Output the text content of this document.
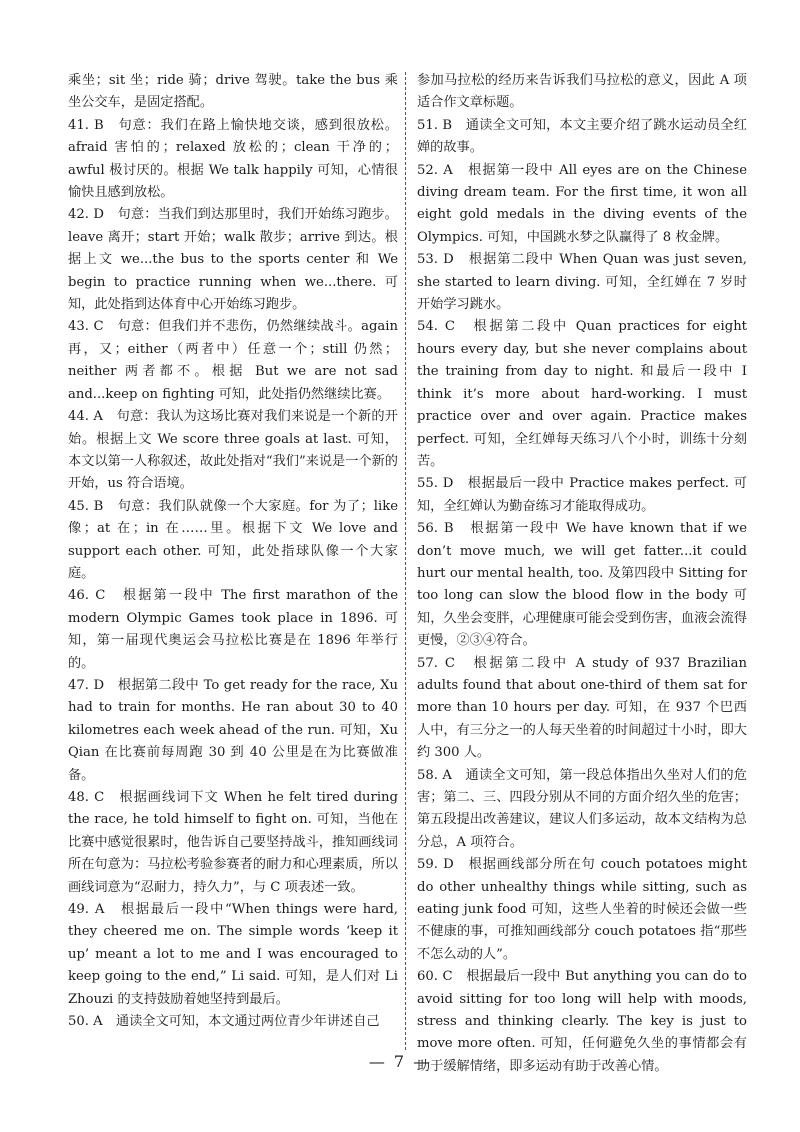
乘坐；sit 坐；ride 骑；drive 驾驶。take the bus 乘坐公交车，是固定搭配。
41. B　句意：我们在路上愉快地交谈，感到很放松。afraid 害怕的；relaxed 放松的；clean 干净的；awful 极讨厌的。根据 We talk happily 可知，心情很愉快且感到放松。
42. D　句意：当我们到达那里时，我们开始练习跑步。leave 离开；start 开始；walk 散步；arrive 到达。根据上文 we...the bus to the sports center 和 We begin to practice running when we...there. 可知，此处指到达体育中心开始练习跑步。
43. C　句意：但我们并不悲伤，仍然继续战斗。again 再，又；either（两者中）任意一个；still 仍然；neither 两者都不。根据 But we are not sad and...keep on fighting 可知，此处指仍然继续比赛。
44. A　句意：我认为这场比赛对我们来说是一个新的开始。根据上文 We score three goals at last. 可知，本文以第一人称叙述，故此处指对“我们”来说是一个新的开始，us 符合语境。
45. B　句意：我们队就像一个大家庭。for 为了；like 像；at 在；in 在……里。根据下文 We love and support each other. 可知，此处指球队像一个大家庭。
46. C　根据第一段中 The first marathon of the modern Olympic Games took place in 1896. 可知，第一届现代奥运会马拉松比赛是在 1896 年举行的。
47. D　根据第二段中 To get ready for the race, Xu had to train for months. He ran about 30 to 40 kilometres each week ahead of the run. 可知，Xu Qian 在比赛前每周跑 30 到 40 公里是在为比赛做准备。
48. C　根据画线词下文 When he felt tired during the race, he told himself to fight on. 可知，当他在比赛中感觉很累时，他告诉自己要坚持战斗，推知画线词所在句意为：马拉松考验参赛者的耐力和心理素质，所以画线词意为“忍耐力，持久力”，与 C 项表述一致。
49. A　根据最后一段中“When things were hard, they cheered me on. The simple words ‘keep it up’ meant a lot to me and I was encouraged to keep going to the end,” Li said. 可知，是人们对 Li Zhouzi 的支持鼓励着她坚持到最后。
50. A　通读全文可知，本文通过两位青少年讲述自己
参加马拉松的经历来告诉我们马拉松的意义，因此 A 项适合作文章标题。
51. B　通读全文可知，本文主要介绍了跳水运动员全红婵的故事。
52. A　根据第一段中 All eyes are on the Chinese diving dream team. For the first time, it won all eight gold medals in the diving events of the Olympics. 可知，中国跳水梦之队赢得了 8 枚金牌。
53. D　根据第二段中 When Quan was just seven, she started to learn diving. 可知，全红婵在 7 岁时开始学习跳水。
54. C　根据第二段中 Quan practices for eight hours every day, but she never complains about the training from day to night. 和最后一段中 I think it’s more about hard-working. I must practice over and over again. Practice makes perfect. 可知，全红婵每天练习八个小时，训练十分刻苦。
55. D　根据最后一段中 Practice makes perfect. 可知，全红婵认为勤奋练习才能取得成功。
56. B　根据第一段中 We have known that if we don’t move much, we will get fatter...it could hurt our mental health, too. 及第四段中 Sitting for too long can slow the blood flow in the body 可知，久坐会变胖，心理健康可能会受到伤害，血液会流得更慢，②③④符合。
57. C　根据第二段中 A study of 937 Brazilian adults found that about one-third of them sat for more than 10 hours per day. 可知，在 937 个巴西人中，有三分之一的人每天坐着的时间超过十小时，即大约 300 人。
58. A　通读全文可知，第一段总体指出久坐对人们的危害；第二、三、四段分别从不同的方面介绍久坐的危害；第五段提出改善建议，建议人们多运动，故本文结构为总分总，A 项符合。
59. D　根据画线部分所在句 couch potatoes might do other unhealthy things while sitting, such as eating junk food 可知，这些人坐着的时候还会做一些不健康的事，可推知画线部分 couch potatoes 指“那些不怎么动的人”。
60. C　根据最后一段中 But anything you can do to avoid sitting for too long will help with moods, stress and thinking clearly. The key is just to move more often. 可知，任何避免久坐的事情都会有助于缓解情绪，即多运动有助于改善心情。
— 7 —
